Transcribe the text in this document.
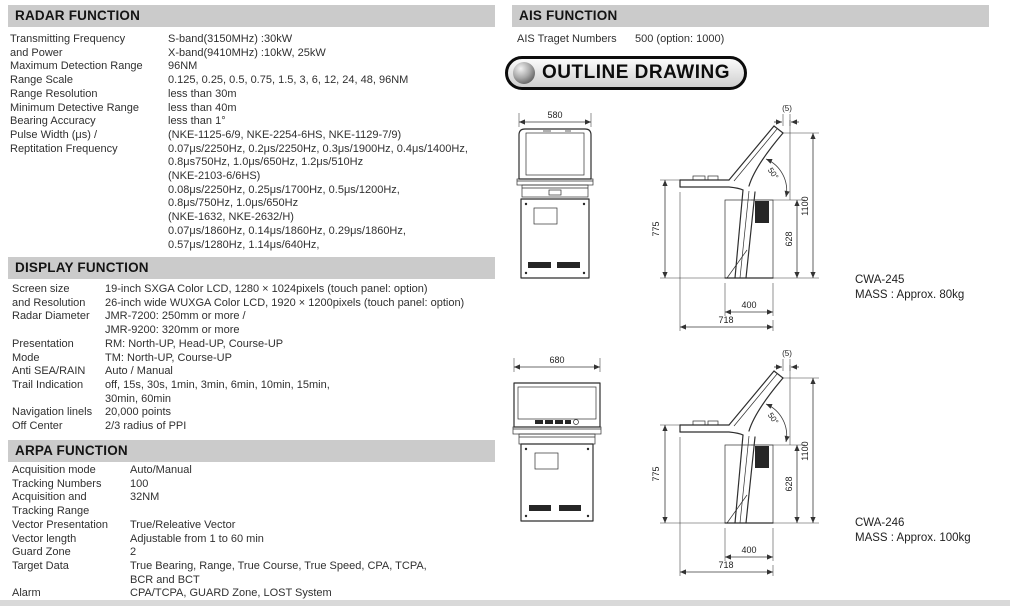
RADAR FUNCTION
Transmitting Frequency	S-band(3150MHz) :30kW
and Power	X-band(9410MHz) :10kW, 25kW
Maximum Detection Range	96NM
Range Scale	0.125, 0.25, 0.5, 0.75, 1.5, 3, 6, 12, 24, 48, 96NM
Range Resolution	less than 30m
Minimum Detective Range	less than 40m
Bearing Accuracy	less than 1°
Pulse Width (μs) /	(NKE-1125-6/9, NKE-2254-6HS, NKE-1129-7/9)
Reptitation Frequency	0.07μs/2250Hz, 0.2μs/2250Hz, 0.3μs/1900Hz, 0.4μs/1400Hz,
0.8μs750Hz, 1.0μs/650Hz, 1.2μs/510Hz
(NKE-2103-6/6HS)
0.08μs/2250Hz, 0.25μs/1700Hz, 0.5μs/1200Hz,
0.8μs/750Hz, 1.0μs/650Hz
(NKE-1632, NKE-2632/H)
0.07μs/1860Hz, 0.14μs/1860Hz, 0.29μs/1860Hz,
0.57μs/1280Hz, 1.14μs/640Hz,
DISPLAY FUNCTION
Screen size	19-inch SXGA Color LCD, 1280 × 1024pixels (touch panel: option)
and Resolution	26-inch wide WUXGA Color LCD, 1920 × 1200pixels (touch panel: option)
Radar Diameter	JMR-7200: 250mm or more /
JMR-9200: 320mm or more
Presentation	RM: North-UP, Head-UP, Course-UP
Mode	TM: North-UP, Course-UP
Anti SEA/RAIN	Auto / Manual
Trail Indication	off, 15s, 30s, 1min, 3min, 6min, 10min, 15min,
30min, 60min
Navigation linels	20,000 points
Off Center	2/3 radius of PPI
ARPA FUNCTION
Acquisition mode	Auto/Manual
Tracking Numbers	100
Acquisition and	32NM
Tracking Range
Vector Presentation	True/Releative Vector
Vector length	Adjustable from 1 to 60 min
Guard Zone	2
Target Data	True Bearing, Range, True Course, True Speed, CPA, TCPA,
BCR and BCT
Alarm	CPA/TCPA, GUARD Zone, LOST System
AIS FUNCTION
AIS Traget Numbers	500 (option: 1000)
OUTLINE DRAWING
580
775
628
1100
400
718
(5)
50°
CWA-245
MASS : Approx. 80kg
680
775
628
1100
400
718
(5)
50°
CWA-246
MASS : Approx. 100kg
